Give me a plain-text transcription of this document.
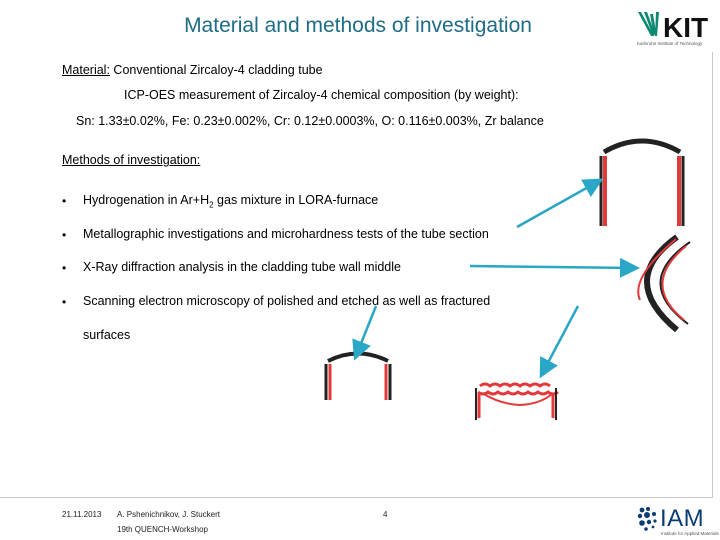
Material and methods of investigation	KIT
Karlsruhe Institute of Technology
Material: Conventional Zircaloy-4 cladding tube
ICP-OES measurement of Zircaloy-4 chemical composition (by weight):
Sn: 1.33±0.02%, Fe: 0.23±0.002%, Cr: 0.12±0.0003%, O: 0.116±0.003%, Zr balance
Methods of investigation:
• Hydrogenation in $Ar+H_2$ gas mixture in LORA-furnace
• Metallographic investigations and microhardness tests of the tube section
• X-Ray diffraction analysis in the cladding tube wall middle
• Scanning electron microscopy of polished and etched as well as fractured
surfaces
21.11.2013 A. Pshenichnikov, J. Stuckert
19th QUENCH-Workshop
4	IAM
Institute for Applied Materials
